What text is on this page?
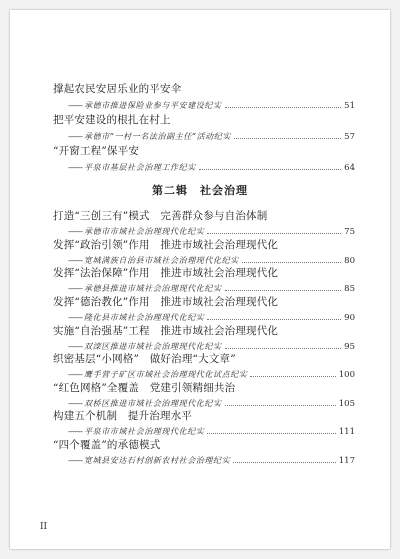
撑起农民安居乐业的平安伞
—— 承德市推进保险业参与平安建设纪实	51
把平安建设的根扎在村上
—— 承德市“一村一名法治副主任”活动纪实	57
“开窗工程”保平安
—— 平泉市基层社会治理工作纪实	64
第二辑　社会治理
打造“三创三有”模式　完善群众参与自治体制
—— 承德市市域社会治理现代化纪实	75
发挥“政治引领”作用　推进市域社会治理现代化
—— 宽城满族自治县市域社会治理现代化纪实	80
发挥“法治保障”作用　推进市域社会治理现代化
—— 承德县推进市域社会治理现代化纪实	85
发挥“德治教化”作用　推进市域社会治理现代化
—— 隆化县市域社会治理现代化纪实	90
实施“自治强基”工程　推进市域社会治理现代化
—— 双滦区推进市域社会治理现代化纪实	95
织密基层“小网格”　做好治理“大文章”
—— 鹰手营子矿区市域社会治理现代化试点纪实	100
“红色网格”全覆盖　党建引领精细共治
—— 双桥区推进市域社会治理现代化纪实	105
构建五个机制　提升治理水平
—— 平泉市市域社会治理现代化纪实	111
“四个覆盖”的承德模式
—— 宽城县安达石村创新农村社会治理纪实	117
II
